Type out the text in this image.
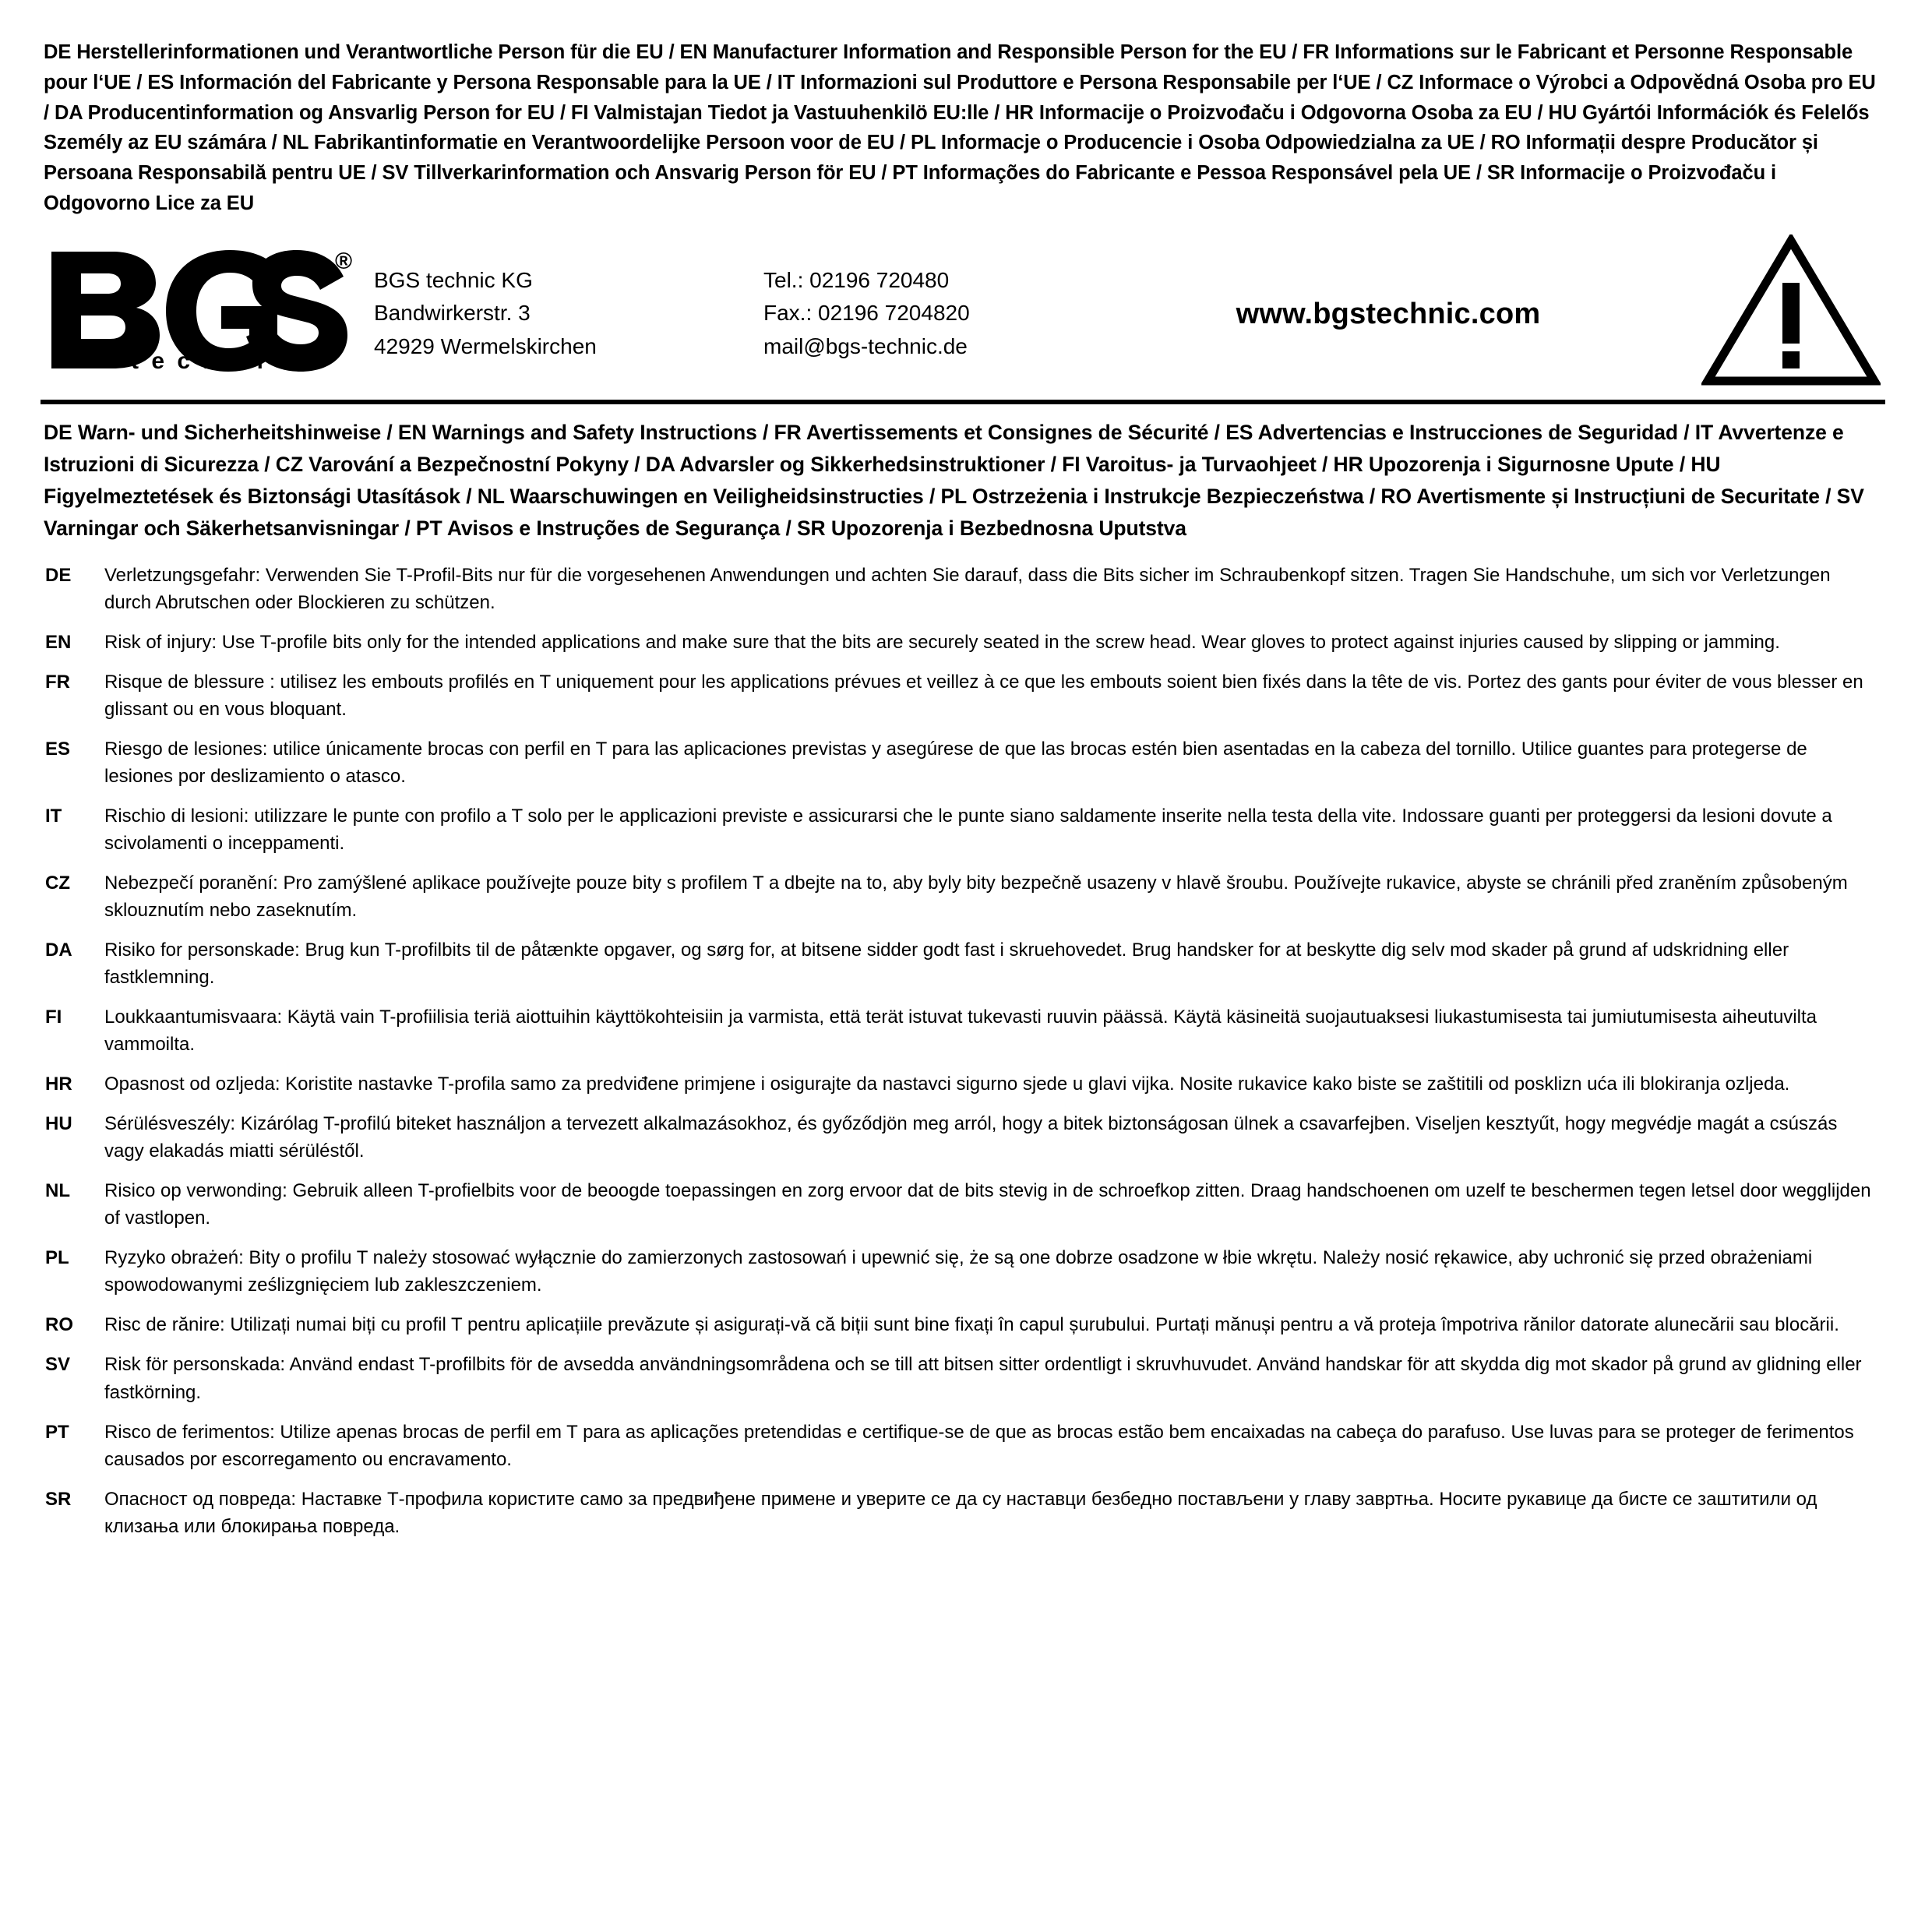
DE Herstellerinformationen und Verantwortliche Person für die EU / EN Manufacturer Information and Responsible Person for the EU / FR Informations sur le Fabricant et Personne Responsable pour l‘UE / ES Información del Fabricante y Persona Responsable para la UE / IT Informazioni sul Produttore e Persona Responsabile per l‘UE / CZ Informace o Výrobci a Odpovědná Osoba pro EU / DA Producentinformation og Ansvarlig Person for EU / FI Valmistajan Tiedot ja Vastuuhenkilö EU:lle / HR Informacije o Proizvođaču i Odgovorna Osoba za EU / HU Gyártói Információk és Felelős Személy az EU számára / NL Fabrikantinformatie en Verantwoordelijke Persoon voor de EU / PL Informacje o Producencie i Osoba Odpowiedzialna za UE / RO Informații despre Producător și Persoana Responsabilă pentru UE / SV Tillverkarinformation och Ansvarig Person för EU / PT Informações do Fabricante e Pessoa Responsável pela UE / SR Informacije o Proizvođaču i Odgovorno Lice za EU
®
t e c h n i c
BGS technic KG
Bandwirkerstr. 3
42929 Wermelskirchen
Tel.: 02196 720480
Fax.: 02196 7204820
mail@bgs-technic.de
www.bgstechnic.com
DE Warn- und Sicherheitshinweise / EN Warnings and Safety Instructions / FR Avertissements et Consignes de Sécurité / ES Advertencias e Instrucciones de Seguridad / IT Avvertenze e Istruzioni di Sicurezza / CZ Varování a Bezpečnostní Pokyny / DA Advarsler og Sikkerhedsinstruktioner / FI Varoitus- ja Turvaohjeet / HR Upozorenja i Sigurnosne Upute / HU Figyelmeztetések és Biztonsági Utasítások / NL Waarschuwingen en Veiligheidsinstructies / PL Ostrzeżenia i Instrukcje Bezpieczeństwa / RO Avertismente și Instrucțiuni de Securitate / SV Varningar och Säkerhetsanvisningar / PT Avisos e Instruções de Segurança / SR Upozorenja i Bezbednosna Uputstva
DE	Verletzungsgefahr: Verwenden Sie T-Profil-Bits nur für die vorgesehenen Anwendungen und achten Sie darauf, dass die Bits sicher im Schraubenkopf sitzen. Tragen Sie Handschuhe, um sich vor Verletzungen durch Abrutschen oder Blockieren zu schützen.
EN	Risk of injury: Use T-profile bits only for the intended applications and make sure that the bits are securely seated in the screw head. Wear gloves to protect against injuries caused by slipping or jamming.
FR	Risque de blessure : utilisez les embouts profilés en T uniquement pour les applications prévues et veillez à ce que les embouts soient bien fixés dans la tête de vis. Portez des gants pour éviter de vous blesser en glissant ou en vous bloquant.
ES	Riesgo de lesiones: utilice únicamente brocas con perfil en T para las aplicaciones previstas y asegúrese de que las brocas estén bien asentadas en la cabeza del tornillo. Utilice guantes para protegerse de lesiones por deslizamiento o atasco.
IT	Rischio di lesioni: utilizzare le punte con profilo a T solo per le applicazioni previste e assicurarsi che le punte siano saldamente inserite nella testa della vite. Indossare guanti per proteggersi da lesioni dovute a scivolamenti o inceppamenti.
CZ	Nebezpečí poranění: Pro zamýšlené aplikace používejte pouze bity s profilem T a dbejte na to, aby byly bity bezpečně usazeny v hlavě šroubu. Používejte rukavice, abyste se chránili před zraněním způsobeným sklouznutím nebo zaseknutím.
DA	Risiko for personskade: Brug kun T-profilbits til de påtænkte opgaver, og sørg for, at bitsene sidder godt fast i skruehovedet. Brug handsker for at beskytte dig selv mod skader på grund af udskridning eller fastklemning.
FI	Loukkaantumisvaara: Käytä vain T-profiilisia teriä aiottuihin käyttökohteisiin ja varmista, että terät istuvat tukevasti ruuvin päässä. Käytä käsineitä suojautuaksesi liukastumisesta tai jumiutumisesta aiheutuvilta vammoilta.
HR	Opasnost od ozljeda: Koristite nastavke T-profila samo za predviđene primjene i osigurajte da nastavci sigurno sjede u glavi vijka. Nosite rukavice kako biste se zaštitili od posklizn uća ili blokiranja ozljeda.
HU	Sérülésveszély: Kizárólag T-profilú biteket használjon a tervezett alkalmazásokhoz, és győződjön meg arról, hogy a bitek biztonságosan ülnek a csavarfejben. Viseljen kesztyűt, hogy megvédje magát a csúszás vagy elakadás miatti sérüléstől.
NL	Risico op verwonding: Gebruik alleen T-profielbits voor de beoogde toepassingen en zorg ervoor dat de bits stevig in de schroefkop zitten. Draag handschoenen om uzelf te beschermen tegen letsel door wegglijden of vastlopen.
PL	Ryzyko obrażeń: Bity o profilu T należy stosować wyłącznie do zamierzonych zastosowań i upewnić się, że są one dobrze osadzone w łbie wkrętu. Należy nosić rękawice, aby uchronić się przed obrażeniami spowodowanymi ześlizgnięciem lub zakleszczeniem.
RO	Risc de rănire: Utilizați numai biți cu profil T pentru aplicațiile prevăzute și asigurați-vă că biții sunt bine fixați în capul șurubului. Purtați mănuși pentru a vă proteja împotriva rănilor datorate alunecării sau blocării.
SV	Risk för personskada: Använd endast T-profilbits för de avsedda användningsområdena och se till att bitsen sitter ordentligt i skruvhuvudet. Använd handskar för att skydda dig mot skador på grund av glidning eller fastkörning.
PT	Risco de ferimentos: Utilize apenas brocas de perfil em T para as aplicações pretendidas e certifique-se de que as brocas estão bem encaixadas na cabeça do parafuso. Use luvas para se proteger de ferimentos causados por escorregamento ou encravamento.
SR	Опасност од повреда: Наставке Т-профила користите само за предвиђене примене и уверите се да су наставци безбедно постављени у главу завртња. Носите рукавице да бисте се заштитили од клизања или блокирања повреда.
